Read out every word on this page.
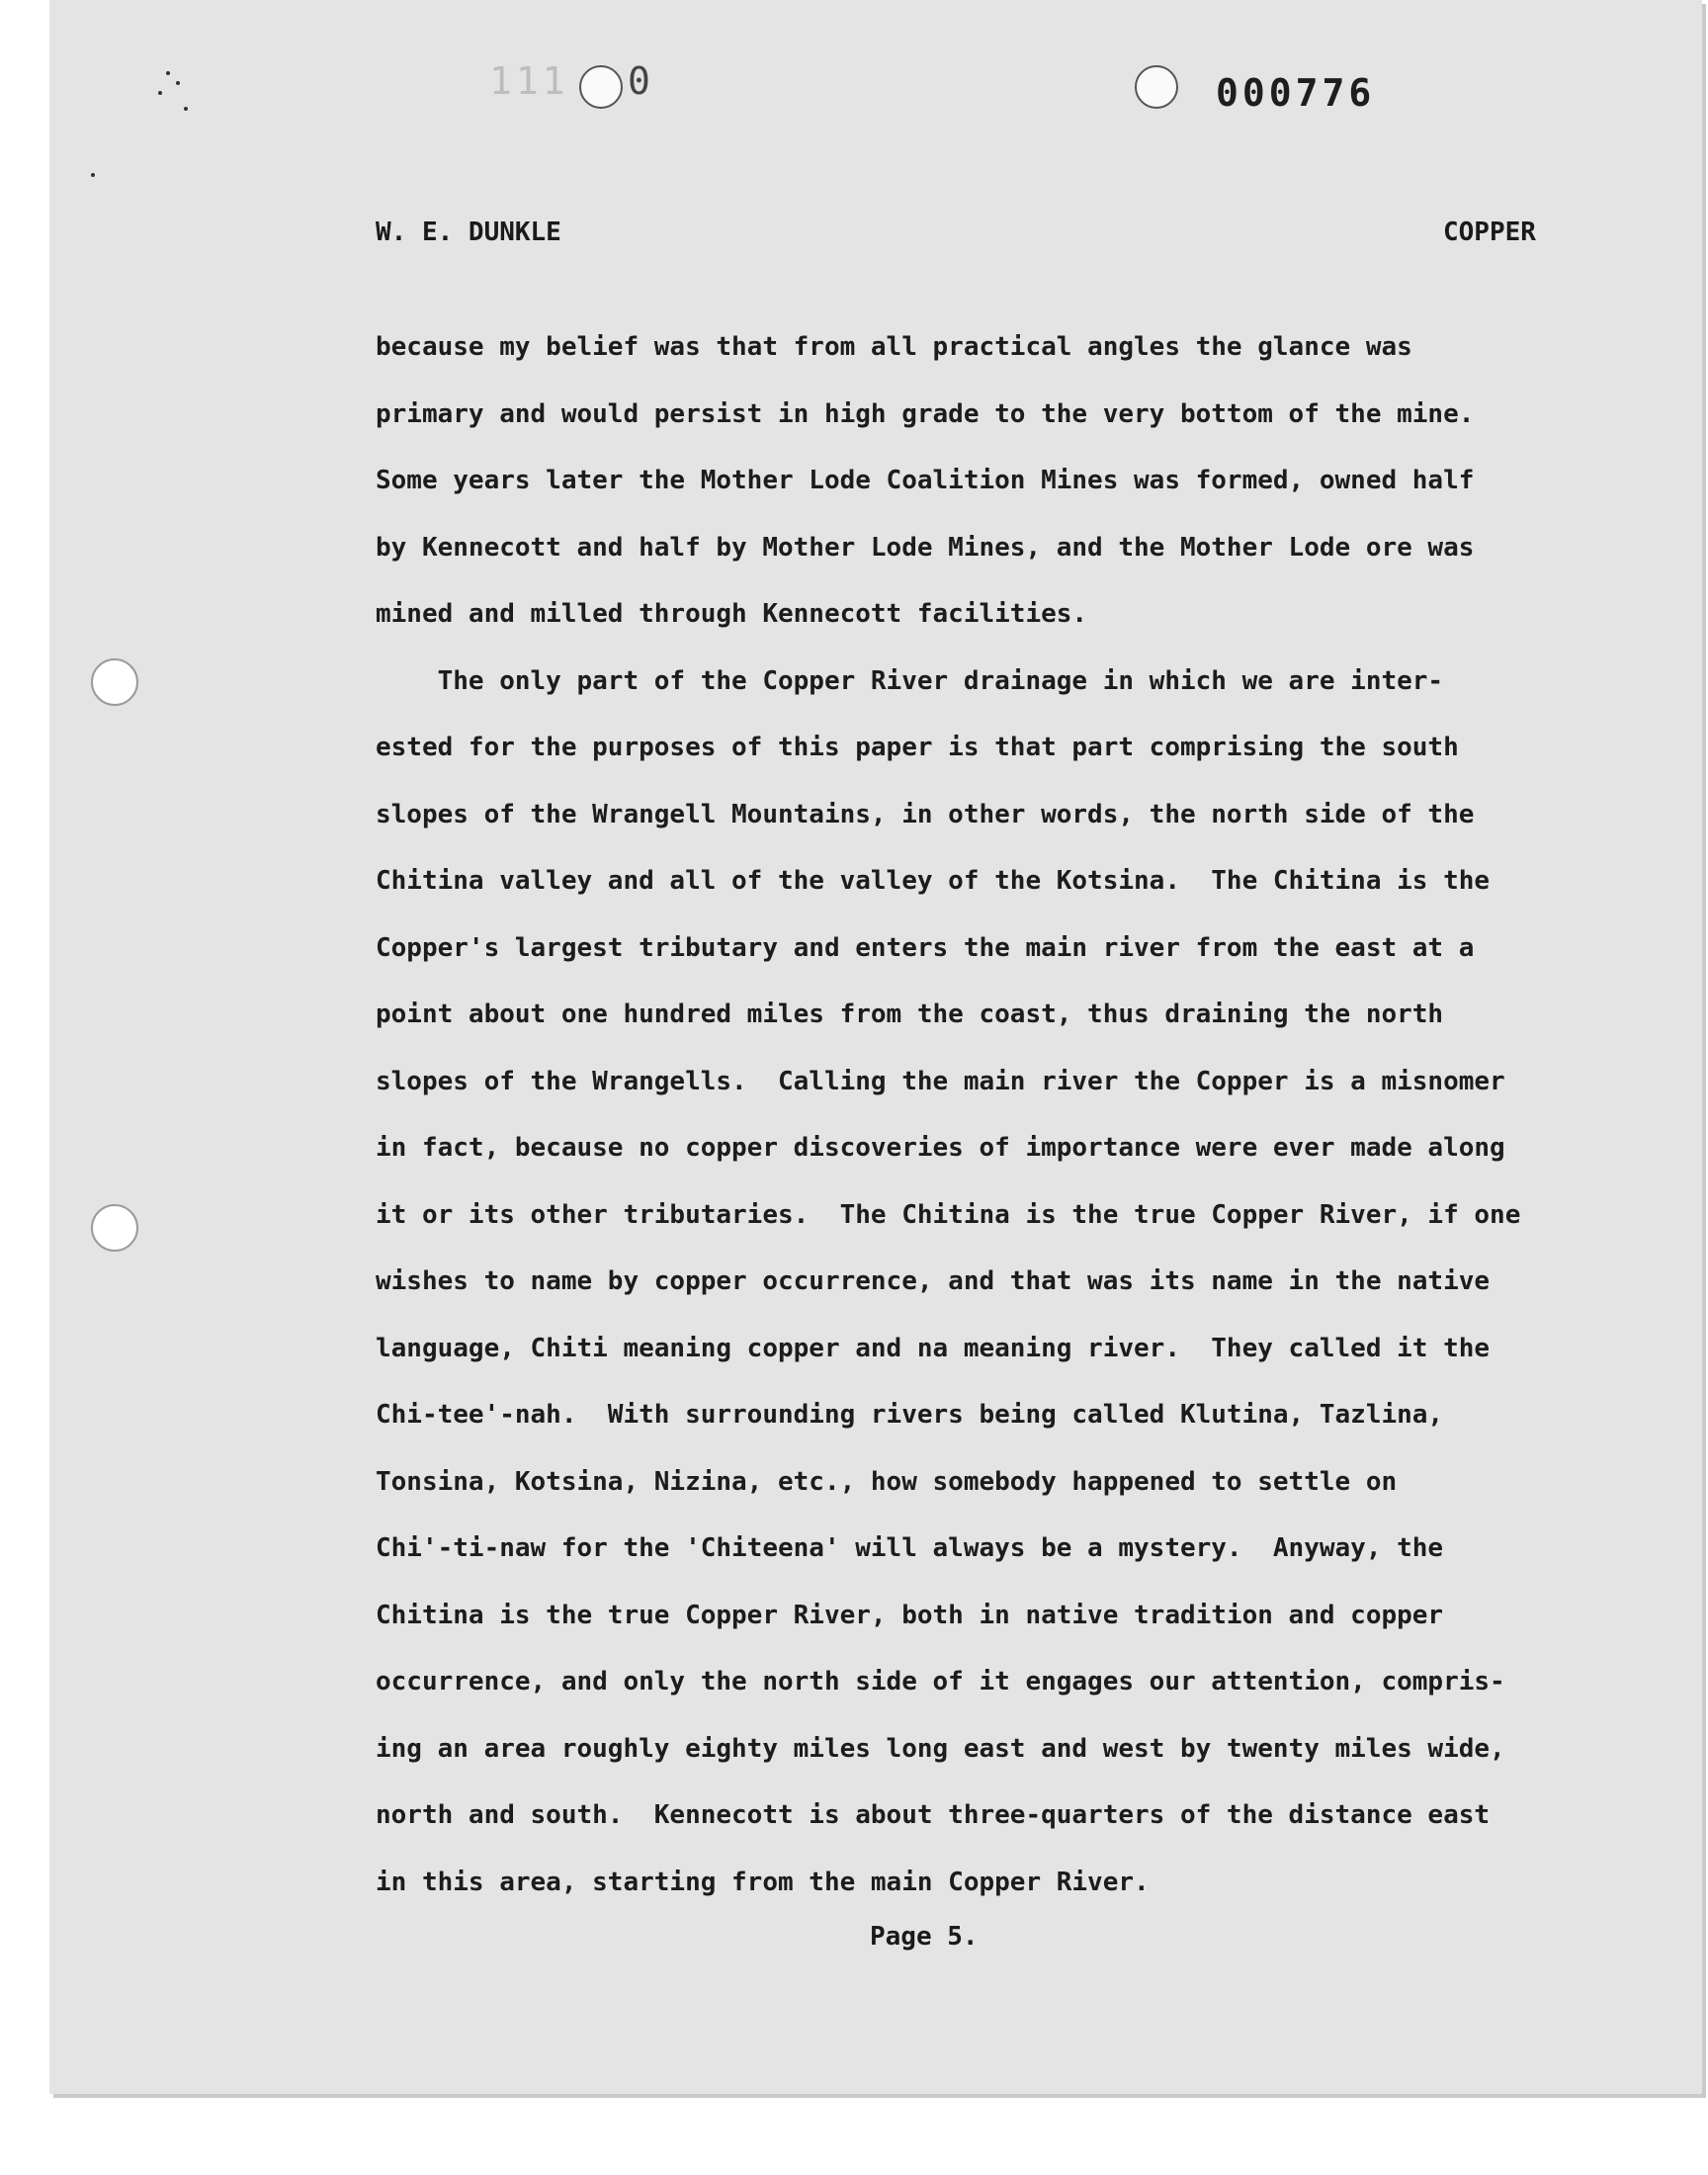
111 0	000776
W. E. DUNKLE	COPPER
because my belief was that from all practical angles the glance was
primary and would persist in high grade to the very bottom of the mine.
Some years later the Mother Lode Coalition Mines was formed, owned half
by Kennecott and half by Mother Lode Mines, and the Mother Lode ore was
mined and milled through Kennecott facilities.
The only part of the Copper River drainage in which we are inter-
ested for the purposes of this paper is that part comprising the south
slopes of the Wrangell Mountains, in other words, the north side of the
Chitina valley and all of the valley of the Kotsina.  The Chitina is the
Copper's largest tributary and enters the main river from the east at a
point about one hundred miles from the coast, thus draining the north
slopes of the Wrangells.  Calling the main river the Copper is a misnomer
in fact, because no copper discoveries of importance were ever made along
it or its other tributaries.  The Chitina is the true Copper River, if one
wishes to name by copper occurrence, and that was its name in the native
language, Chiti meaning copper and na meaning river.  They called it the
Chi-tee'-nah.  With surrounding rivers being called Klutina, Tazlina,
Tonsina, Kotsina, Nizina, etc., how somebody happened to settle on
Chi'-ti-naw for the 'Chiteena' will always be a mystery.  Anyway, the
Chitina is the true Copper River, both in native tradition and copper
occurrence, and only the north side of it engages our attention, compris-
ing an area roughly eighty miles long east and west by twenty miles wide,
north and south.  Kennecott is about three-quarters of the distance east
in this area, starting from the main Copper River.
Page 5.
